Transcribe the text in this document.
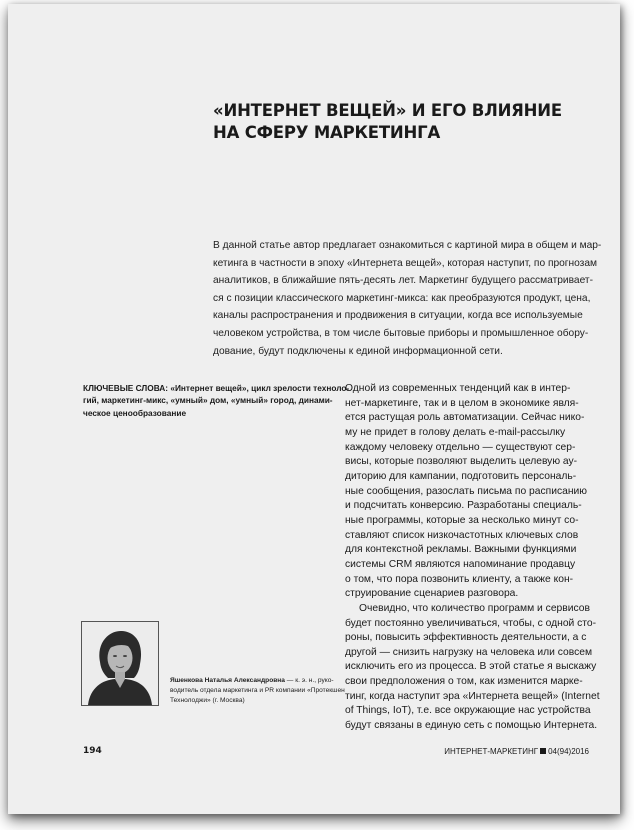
«ИНТЕРНЕТ ВЕЩЕЙ» И ЕГО ВЛИЯНИЕ
НА СФЕРУ МАРКЕТИНГА
В данной статье автор предлагает ознакомиться с картиной мира в общем и мар-
кетинга в частности в эпоху «Интернета вещей», которая наступит, по прогнозам
аналитиков, в ближайшие пять-десять лет. Маркетинг будущего рассматривает-
ся с позиции классического маркетинг-микса: как преобразуются продукт, цена,
каналы распространения и продвижения в ситуации, когда все используемые
человеком устройства, в том числе бытовые приборы и промышленное обору-
дование, будут подключены к единой информационной сети.
КЛЮЧЕВЫЕ СЛОВА: «Интернет вещей», цикл зрелости техноло-
гий, маркетинг-микс, «умный» дом, «умный» город, динами-
ческое ценообразование
Одной из современных тенденций как в интер-
нет-маркетинге, так и в целом в экономике явля-
ется растущая роль автоматизации. Сейчас нико-
му не придет в голову делать e-mail-рассылку
каждому человеку отдельно — существуют сер-
висы, которые позволяют выделить целевую ау-
диторию для кампании, подготовить персональ-
ные сообщения, разослать письма по расписанию
и подсчитать конверсию. Разработаны специаль-
ные программы, которые за несколько минут со-
ставляют список низкочастотных ключевых слов
для контекстной рекламы. Важными функциями
системы CRM являются напоминание продавцу
о том, что пора позвонить клиенту, а также кон-
струирование сценариев разговора.
Очевидно, что количество программ и сервисов
будет постоянно увеличиваться, чтобы, с одной сто-
роны, повысить эффективность деятельности, а с
другой — снизить нагрузку на человека или совсем
исключить его из процесса. В этой статье я выскажу
свои предположения о том, как изменится марке-
тинг, когда наступит эра «Интернета вещей» (Internet
of Things, IoT), т.е. все окружающие нас устройства
будут связаны в единую сеть с помощью Интернета.
Яшенкова Наталья Александровна — к. э. н., руко-
водитель отдела маркетинга и PR компании «Протекшен
Технолоджи» (г. Москва)
194	ИНТЕРНЕТ-МАРКЕТИНГ 04(94)2016
